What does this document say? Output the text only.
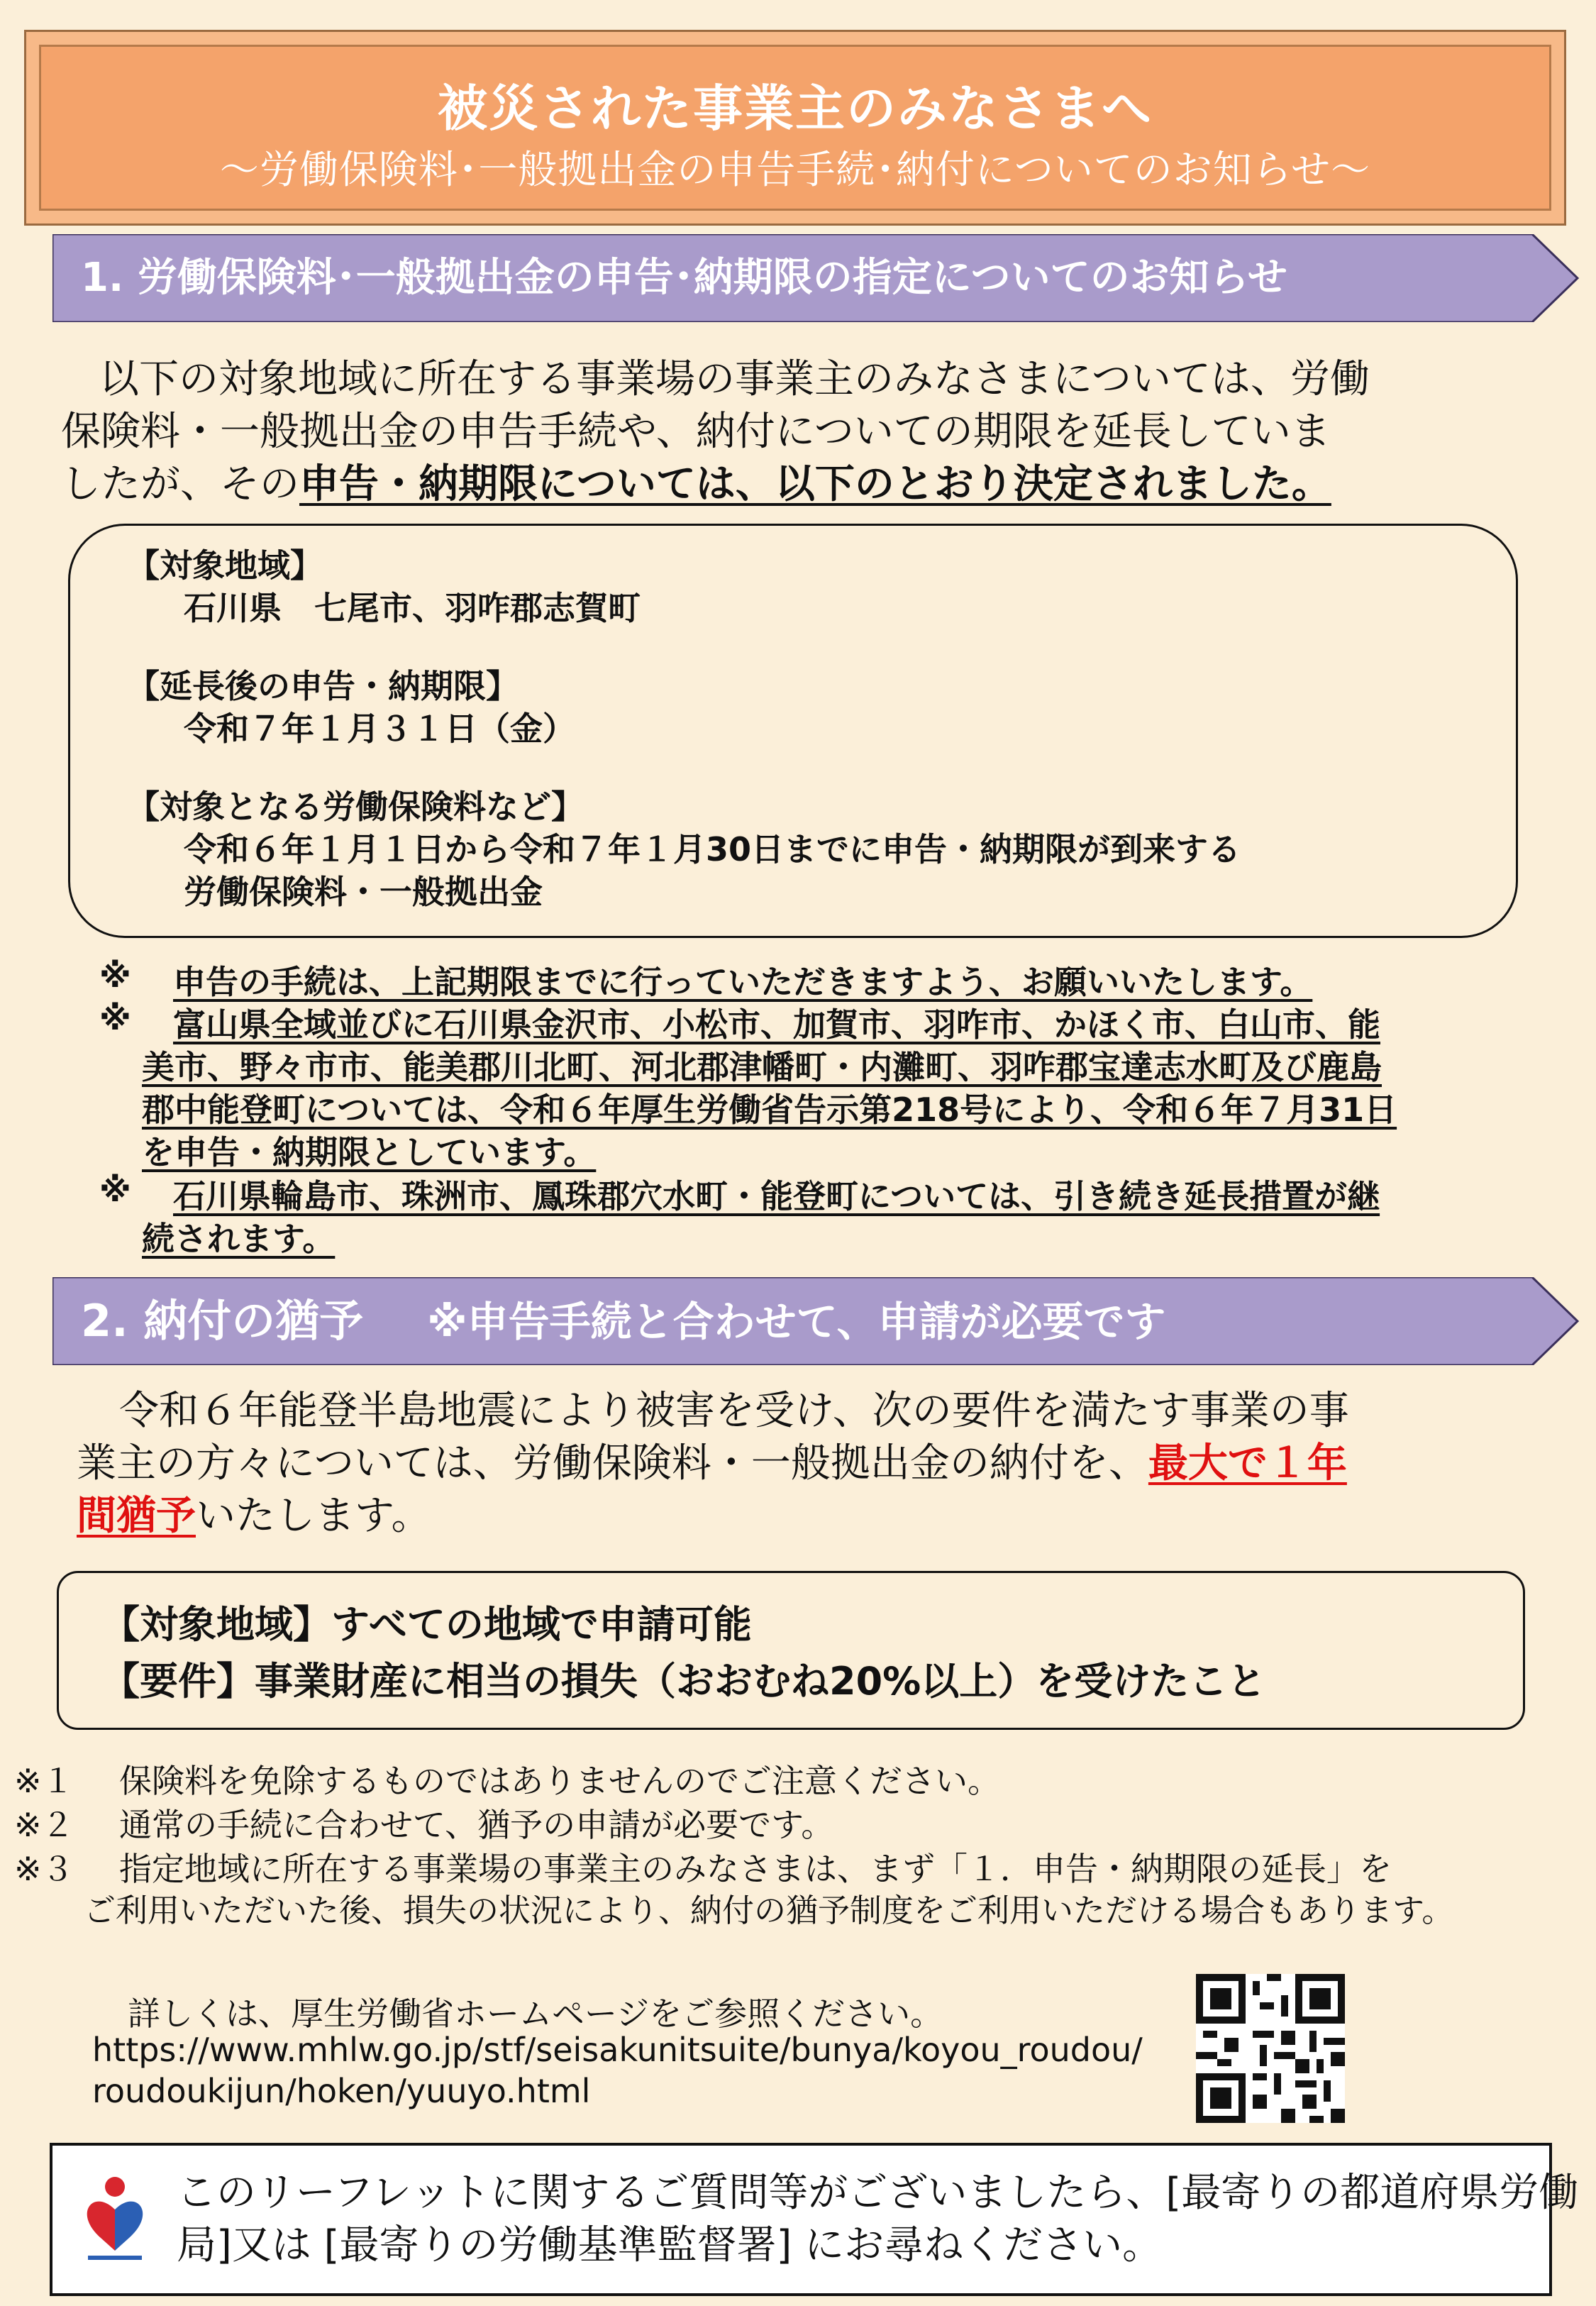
被災された事業主のみなさまへ
～労働保険料･一般拠出金の申告手続･納付についてのお知らせ～
1. 労働保険料･一般拠出金の申告･納期限の指定についてのお知らせ
以下の対象地域に所在する事業場の事業主のみなさまについては、労働
保険料・一般拠出金の申告手続や、納付についての期限を延長していま
したが、その申告・納期限については、以下のとおり決定されました。
【対象地域】
石川県　七尾市、羽咋郡志賀町
【延長後の申告・納期限】
令和７年１月３１日（金）
【対象となる労働保険料など】
令和６年１月１日から令和７年１月30日までに申告・納期限が到来する
労働保険料・一般拠出金
※ 申告の手続は、上記期限までに行っていただきますよう、お願いいたします。
※ 富山県全域並びに石川県金沢市、小松市、加賀市、羽咋市、かほく市、白山市、能
美市、野々市市、能美郡川北町、河北郡津幡町・内灘町、羽咋郡宝達志水町及び鹿島
郡中能登町については、令和６年厚生労働省告示第218号により、令和６年７月31日
を申告・納期限としています。
※ 石川県輪島市、珠洲市、鳳珠郡穴水町・能登町については、引き続き延長措置が継
続されます。
2. 納付の猶予 ※申告手続と合わせて、申請が必要です
令和６年能登半島地震により被害を受け、次の要件を満たす事業の事
業主の方々については、労働保険料・一般拠出金の納付を、最大で１年
間猶予いたします。
【対象地域】すべての地域で申請可能
【要件】事業財産に相当の損失（おおむね20%以上）を受けたこと
※１ 保険料を免除するものではありませんのでご注意ください。
※２ 通常の手続に合わせて、猶予の申請が必要です。
※３ 指定地域に所在する事業場の事業主のみなさまは、まず「１．申告・納期限の延長」を
ご利用いただいた後、損失の状況により、納付の猶予制度をご利用いただける場合もあります。
詳しくは、厚生労働省ホームページをご参照ください。
https://www.mhlw.go.jp/stf/seisakunitsuite/bunya/koyou_roudou/
roudoukijun/hoken/yuuyo.html
このリーフレットに関するご質問等がございましたら、[最寄りの都道府県労働
局]又は [最寄りの労働基準監督署] にお尋ねください。
